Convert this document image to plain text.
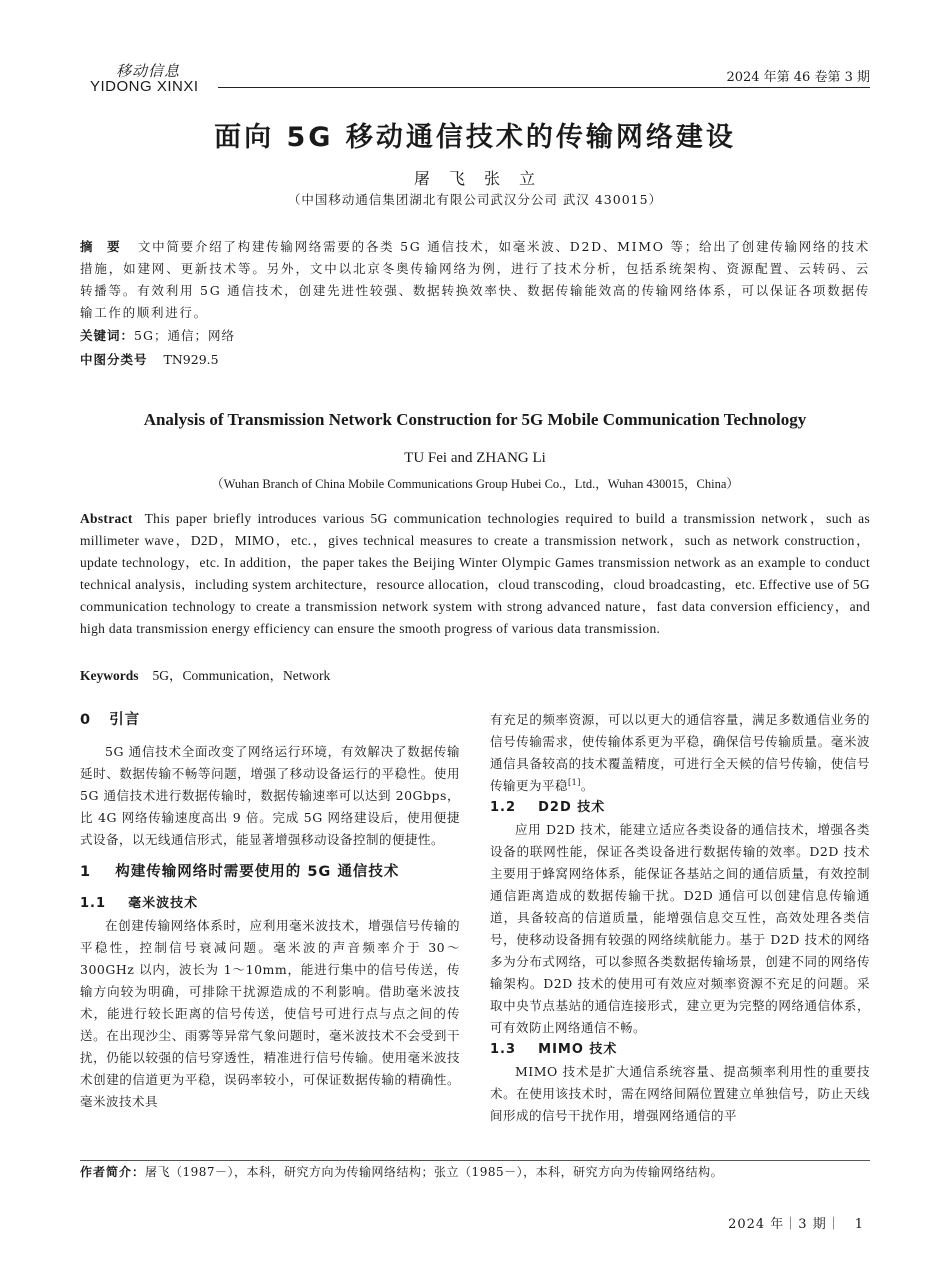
移动信息
YIDONG XINXI
2024 年第 46 卷第 3 期
面向 5G 移动通信技术的传输网络建设
屠 飞 张 立
（中国移动通信集团湖北有限公司武汉分公司 武汉 430015）
摘　要 文中简要介绍了构建传输网络需要的各类 5G 通信技术，如毫米波、D2D、MIMO 等；给出了创建传输网络的技术措施，如建网、更新技术等。另外，文中以北京冬奥传输网络为例，进行了技术分析，包括系统架构、资源配置、云转码、云转播等。有效利用 5G 通信技术，创建先进性较强、数据转换效率快、数据传输能效高的传输网络体系，可以保证各项数据传输工作的顺利进行。
关键词：5G；通信；网络
中图分类号 TN929.5
Analysis of Transmission Network Construction for 5G Mobile Communication Technology
TU Fei and ZHANG Li
（Wuhan Branch of China Mobile Communications Group Hubei Co.，Ltd.，Wuhan 430015，China）
Abstract This paper briefly introduces various 5G communication technologies required to build a transmission network，such as millimeter wave，D2D，MIMO，etc.，gives technical measures to create a transmission network，such as network construction，update technology，etc. In addition，the paper takes the Beijing Winter Olympic Games transmission network as an example to conduct technical analysis，including system architecture，resource allocation，cloud transcoding，cloud broadcasting，etc. Effective use of 5G communication technology to create a transmission network system with strong advanced nature，fast data conversion efficiency，and high data transmission energy efficiency can ensure the smooth progress of various data transmission.
Keywords 5G，Communication，Network
0 引言

5G 通信技术全面改变了网络运行环境，有效解决了数据传输延时、数据传输不畅等问题，增强了移动设备运行的平稳性。使用 5G 通信技术进行数据传输时，数据传输速率可以达到 20Gbps，比 4G 网络传输速度高出 9 倍。完成 5G 网络建设后，使用便捷式设备，以无线通信形式，能显著增强移动设备控制的便捷性。

1 构建传输网络时需要使用的 5G 通信技术
1.1 毫米波技术

在创建传输网络体系时，应利用毫米波技术，增强信号传输的平稳性，控制信号衰减问题。毫米波的声音频率介于 30～300GHz 以内，波长为 1～10mm，能进行集中的信号传送，传输方向较为明确，可排除干扰源造成的不利影响。借助毫米波技术，能进行较长距离的信号传送，使信号可进行点与点之间的传送。在出现沙尘、雨雾等异常气象问题时，毫米波技术不会受到干扰，仍能以较强的信号穿透性，精准进行信号传输。使用毫米波技术创建的信道更为平稳，误码率较小，可保证数据传输的精确性。毫米波技术具

有充足的频率资源，可以以更大的通信容量，满足多数通信业务的信号传输需求，使传输体系更为平稳，确保信号传输质量。毫米波通信具备较高的技术覆盖精度，可进行全天候的信号传输，使信号传输更为平稳[1]。

1.2 D2D 技术

应用 D2D 技术，能建立适应各类设备的通信技术，增强各类设备的联网性能，保证各类设备进行数据传输的效率。D2D 技术主要用于蜂窝网络体系，能保证各基站之间的通信质量，有效控制通信距离造成的数据传输干扰。D2D 通信可以创建信息传输通道，具备较高的信道质量，能增强信息交互性，高效处理各类信号，使移动设备拥有较强的网络续航能力。基于 D2D 技术的网络多为分布式网络，可以参照各类数据传输场景，创建不同的网络传输架构。D2D 技术的使用可有效应对频率资源不充足的问题。采取中央节点基站的通信连接形式，建立更为完整的网络通信体系，可有效防止网络通信不畅。

1.3 MIMO 技术

MIMO 技术是扩大通信系统容量、提高频率利用性的重要技术。在使用该技术时，需在网络间隔位置建立单独信号，防止天线间形成的信号干扰作用，增强网络通信的平

作者简介：屠飞（1987－），本科，研究方向为传输网络结构；张立（1985－），本科，研究方向为传输网络结构。
2024 年｜3 期｜　1
